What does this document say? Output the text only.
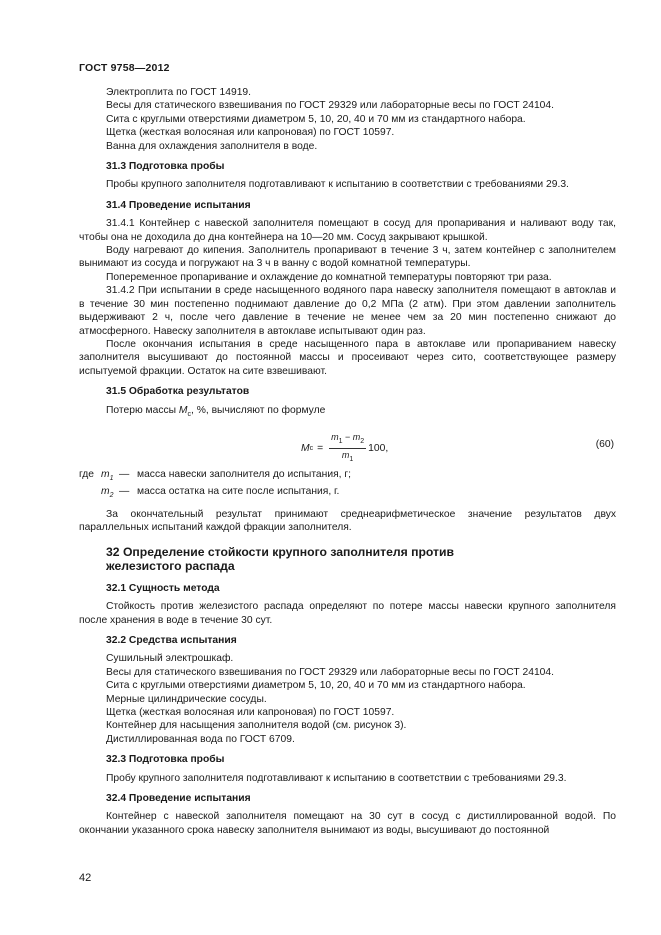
ГОСТ 9758—2012
Электроплита по ГОСТ 14919.
Весы для статического взвешивания по ГОСТ 29329 или лабораторные весы по ГОСТ 24104.
Сита с круглыми отверстиями диаметром 5, 10, 20, 40 и 70 мм из стандартного набора.
Щетка (жесткая волосяная или капроновая) по ГОСТ 10597.
Ванна для охлаждения заполнителя в воде.
31.3 Подготовка пробы
Пробы крупного заполнителя подготавливают к испытанию в соответствии с требованиями 29.3.
31.4 Проведение испытания
31.4.1 Контейнер с навеской заполнителя помещают в сосуд для пропаривания и наливают воду так, чтобы она не доходила до дна контейнера на 10—20 мм. Сосуд закрывают крышкой.
Воду нагревают до кипения. Заполнитель пропаривают в течение 3 ч, затем контейнер с заполнителем вынимают из сосуда и погружают на 3 ч в ванну с водой комнатной температуры.
Попеременное пропаривание и охлаждение до комнатной температуры повторяют три раза.
31.4.2 При испытании в среде насыщенного водяного пара навеску заполнителя помещают в автоклав и в течение 30 мин постепенно поднимают давление до 0,2 МПа (2 атм). При этом давлении заполнитель выдерживают 2 ч, после чего давление в течение не менее чем за 20 мин постепенно снижают до атмосферного. Навеску заполнителя в автоклаве испытывают один раз.
После окончания испытания в среде насыщенного пара в автоклаве или пропариванием навеску заполнителя высушивают до постоянной массы и просеивают через сито, соответствующее размеру испытуемой фракции. Остаток на сите взвешивают.
31.5 Обработка результатов
Потерю массы $M_c$, %, вычисляют по формуле
M $c = \frac{m_1 - m_2}{m_1} 100$,	(60)
где $m_1$ — масса навески заполнителя до испытания, г;
$m_2$ — масса остатка на сите после испытания, г.
За окончательный результат принимают среднеарифметическое значение результатов двух параллельных испытаний каждой фракции заполнителя.
32 Определение стойкости крупного заполнителя против
железистого распада
32.1 Сущность метода
Стойкость против железистого распада определяют по потере массы навески крупного заполнителя после хранения в воде в течение 30 сут.
32.2 Средства испытания
Сушильный электрошкаф.
Весы для статического взвешивания по ГОСТ 29329 или лабораторные весы по ГОСТ 24104.
Сита с круглыми отверстиями диаметром 5, 10, 20, 40 и 70 мм из стандартного набора.
Мерные цилиндрические сосуды.
Щетка (жесткая волосяная или капроновая) по ГОСТ 10597.
Контейнер для насыщения заполнителя водой (см. рисунок 3).
Дистиллированная вода по ГОСТ 6709.
32.3 Подготовка пробы
Пробу крупного заполнителя подготавливают к испытанию в соответствии с требованиями 29.3.
32.4 Проведение испытания
Контейнер с навеской заполнителя помещают на 30 сут в сосуд с дистиллированной водой. По окончании указанного срока навеску заполнителя вынимают из воды, высушивают до постоянной
42
